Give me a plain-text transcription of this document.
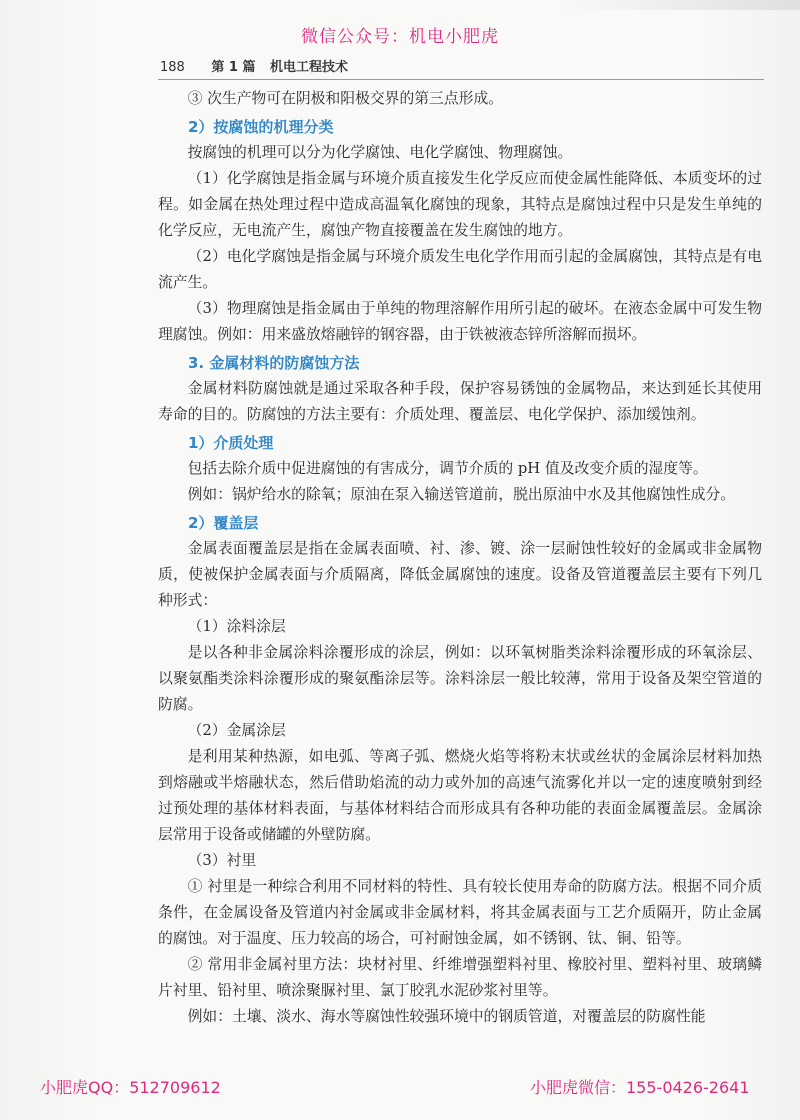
微信公众号：机电小肥虎
188 第 1 篇 机电工程技术

③ 次生产物可在阴极和阳极交界的第三点形成。

2）按腐蚀的机理分类

按腐蚀的机理可以分为化学腐蚀、电化学腐蚀、物理腐蚀。

（1）化学腐蚀是指金属与环境介质直接发生化学反应而使金属性能降低、本质变坏的过程。如金属在热处理过程中造成高温氧化腐蚀的现象，其特点是腐蚀过程中只是发生单纯的化学反应，无电流产生，腐蚀产物直接覆盖在发生腐蚀的地方。

（2）电化学腐蚀是指金属与环境介质发生电化学作用而引起的金属腐蚀，其特点是有电流产生。

（3）物理腐蚀是指金属由于单纯的物理溶解作用所引起的破坏。在液态金属中可发生物理腐蚀。例如：用来盛放熔融锌的钢容器，由于铁被液态锌所溶解而损坏。

3. 金属材料的防腐蚀方法

金属材料防腐蚀就是通过采取各种手段，保护容易锈蚀的金属物品，来达到延长其使用寿命的目的。防腐蚀的方法主要有：介质处理、覆盖层、电化学保护、添加缓蚀剂。

1）介质处理

包括去除介质中促进腐蚀的有害成分，调节介质的 pH 值及改变介质的湿度等。

例如：锅炉给水的除氧；原油在泵入输送管道前，脱出原油中水及其他腐蚀性成分。

2）覆盖层

金属表面覆盖层是指在金属表面喷、衬、渗、镀、涂一层耐蚀性较好的金属或非金属物质，使被保护金属表面与介质隔离，降低金属腐蚀的速度。设备及管道覆盖层主要有下列几种形式：

（1）涂料涂层

是以各种非金属涂料涂覆形成的涂层，例如：以环氧树脂类涂料涂覆形成的环氧涂层、以聚氨酯类涂料涂覆形成的聚氨酯涂层等。涂料涂层一般比较薄，常用于设备及架空管道的防腐。

（2）金属涂层

是利用某种热源，如电弧、等离子弧、燃烧火焰等将粉末状或丝状的金属涂层材料加热到熔融或半熔融状态，然后借助焰流的动力或外加的高速气流雾化并以一定的速度喷射到经过预处理的基体材料表面，与基体材料结合而形成具有各种功能的表面金属覆盖层。金属涂层常用于设备或储罐的外壁防腐。

（3）衬里

① 衬里是一种综合利用不同材料的特性、具有较长使用寿命的防腐方法。根据不同介质条件，在金属设备及管道内衬金属或非金属材料，将其金属表面与工艺介质隔开，防止金属的腐蚀。对于温度、压力较高的场合，可衬耐蚀金属，如不锈钢、钛、铜、铅等。

② 常用非金属衬里方法：块材衬里、纤维增强塑料衬里、橡胶衬里、塑料衬里、玻璃鳞片衬里、铅衬里、喷涂聚脲衬里、氯丁胶乳水泥砂浆衬里等。

例如：土壤、淡水、海水等腐蚀性较强环境中的钢质管道，对覆盖层的防腐性能

小肥虎QQ：512709612	小肥虎微信：155-0426-2641
